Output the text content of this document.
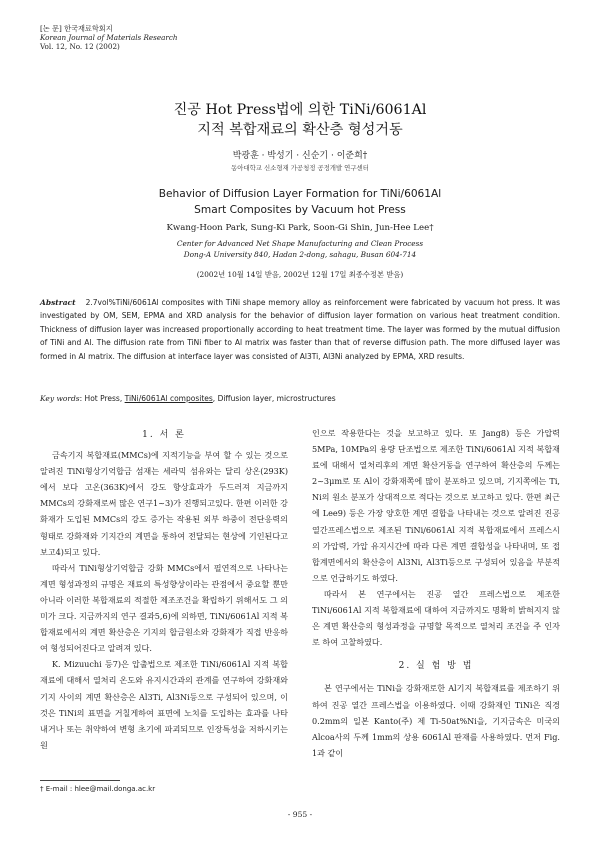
[논 문] 한국재료학회지
Korean Journal of Materials Research
Vol. 12, No. 12 (2002)
진공 Hot Press법에 의한 TiNi/6061Al
지적 복합재료의 확산층 형성거동
박광훈 · 박성기 · 신순기 · 이준희†
동아대학교 신소형재 가공청정 공정개발 연구센터
Behavior of Diffusion Layer Formation for TiNi/6061Al
Smart Composites by Vacuum hot Press
Kwang-Hoon Park, Sung-Ki Park, Soon-Gi Shin, Jun-Hee Lee†
Center for Advanced Net Shape Manufacturing and Clean Process
Dong-A University 840, Hadan 2-dong, sahagu, Busan 604-714
(2002년 10월 14일 받음, 2002년 12월 17일 최종수정본 받음)
Abstract 2.7vol%TiNi/6061Al composites with TiNi shape memory alloy as reinforcement were fabricated by vacuum hot press. It was investigated by OM, SEM, EPMA and XRD analysis for the behavior of diffusion layer formation on various heat treatment condition. Thickness of diffusion layer was increased proportionally according to heat treatment time. The layer was formed by the mutual diffusion of TiNi and Al. The diffusion rate from TiNi fiber to Al matrix was faster than that of reverse diffusion path. The more diffused layer was formed in Al matrix. The diffusion at interface layer was consisted of Al3Ti, Al3Ni analyzed by EPMA, XRD results.
Key words: Hot Press, TiNi/6061Al composites, Diffusion layer, microstructures

1. 서 론

금속기지 복합재료(MMCs)에 지적기능을 부여 할 수 있는 것으로 알려진 TiNi형상기억합금 섬재는 세라믹 섬유와는 달리 상온(293K)에서 보다 고온(363K)에서 강도 향상효과가 두드러져 지금까지 MMCs의 강화재로써 많은 연구1~3)가 진행되고있다. 한편 이러한 강화재가 도입된 MMCs의 강도 증가는 작용된 외부 하중이 전단응력의 형태로 강화재와 기지간의 계면을 통하여 전달되는 현상에 기인된다고 보고4)되고 있다.

따라서 TiNi형상기억합금 강화 MMCs에서 필연적으로 나타나는 계면 형성과정의 규명은 재료의 특성향상이라는 관점에서 중요할 뿐만 아니라 이러한 복합재료의 적절한 제조조건을 확립하기 위해서도 그 의미가 크다. 지금까지의 연구 결과5,6)에 의하면, TiNi/6061Al 지적 복합재료에서의 계면 확산층은 기지의 합금원소와 강화재가 직접 반응하여 형성되어진다고 알려져 있다.

K. Mizuuchi 등7)은 압출법으로 제조한 TiNi/6061Al 지적 복합재료에 대해서 열처리 온도와 유지시간과의 관계를 연구하여 강화재와 기지 사이의 계면 확산층은 Al3Ti, Al3Ni등으로 구성되어 있으며, 이것은 TiNi의 표면을 거칠게하여 표면에 노치를 도입하는 효과를 나타내거나 또는 취약하여 변형 초기에 파괴되므로 인장특성을 저하시키는 원

인으로 작용한다는 것을 보고하고 있다. 또 Jang8) 등은 가압력 5MPa, 10MPa의 용량 단조법으로 제조한 TiNi/6061Al 지적 복합재료에 대해서 열처리후의 계면 확산거동을 연구하여 확산층의 두께는 2~3μm로 또 Al이 강화재쪽에 많이 분포하고 있으며, 기지쪽에는 Ti, Ni의 원소 분포가 상대적으로 적다는 것으로 보고하고 있다. 한편 최근에 Lee9) 등은 가장 양호한 계면 결합을 나타내는 것으로 알려진 진공 열간프레스법으로 제조된 TiNi/6061Al 지적 복합재료에서 프레스시의 가압력, 가압 유지시간에 따라 다른 계면 결합성을 나타내며, 또 접합계면에서의 확산층이 Al3Ni, Al3Ti등으로 구성되어 있음을 부분적으로 언급하기도 하였다.

따라서 본 연구에서는 진공 열간 프레스법으로 제조한 TiNi/6061Al 지적 복합재료에 대하여 지금까지도 명확히 밝혀지지 않은 계면 확산층의 형성과정을 규명할 목적으로 열처리 조건을 주 인자로 하여 고찰하였다.

2. 실 험 방 법

본 연구에서는 TiNi을 강화재로한 Al기지 복합재료를 제조하기 위하여 진공 열간 프레스법을 이용하였다. 이때 강화재인 TiNi은 직경 0.2mm의 일본 Kanto(주) 제 Ti-50at%Ni을, 기지금속은 미국의 Alcoa사의 두께 1mm의 상용 6061Al 판재를 사용하였다. 먼저 Fig. 1과 같이

† E-mail : hlee@mail.donga.ac.kr
- 955 -
